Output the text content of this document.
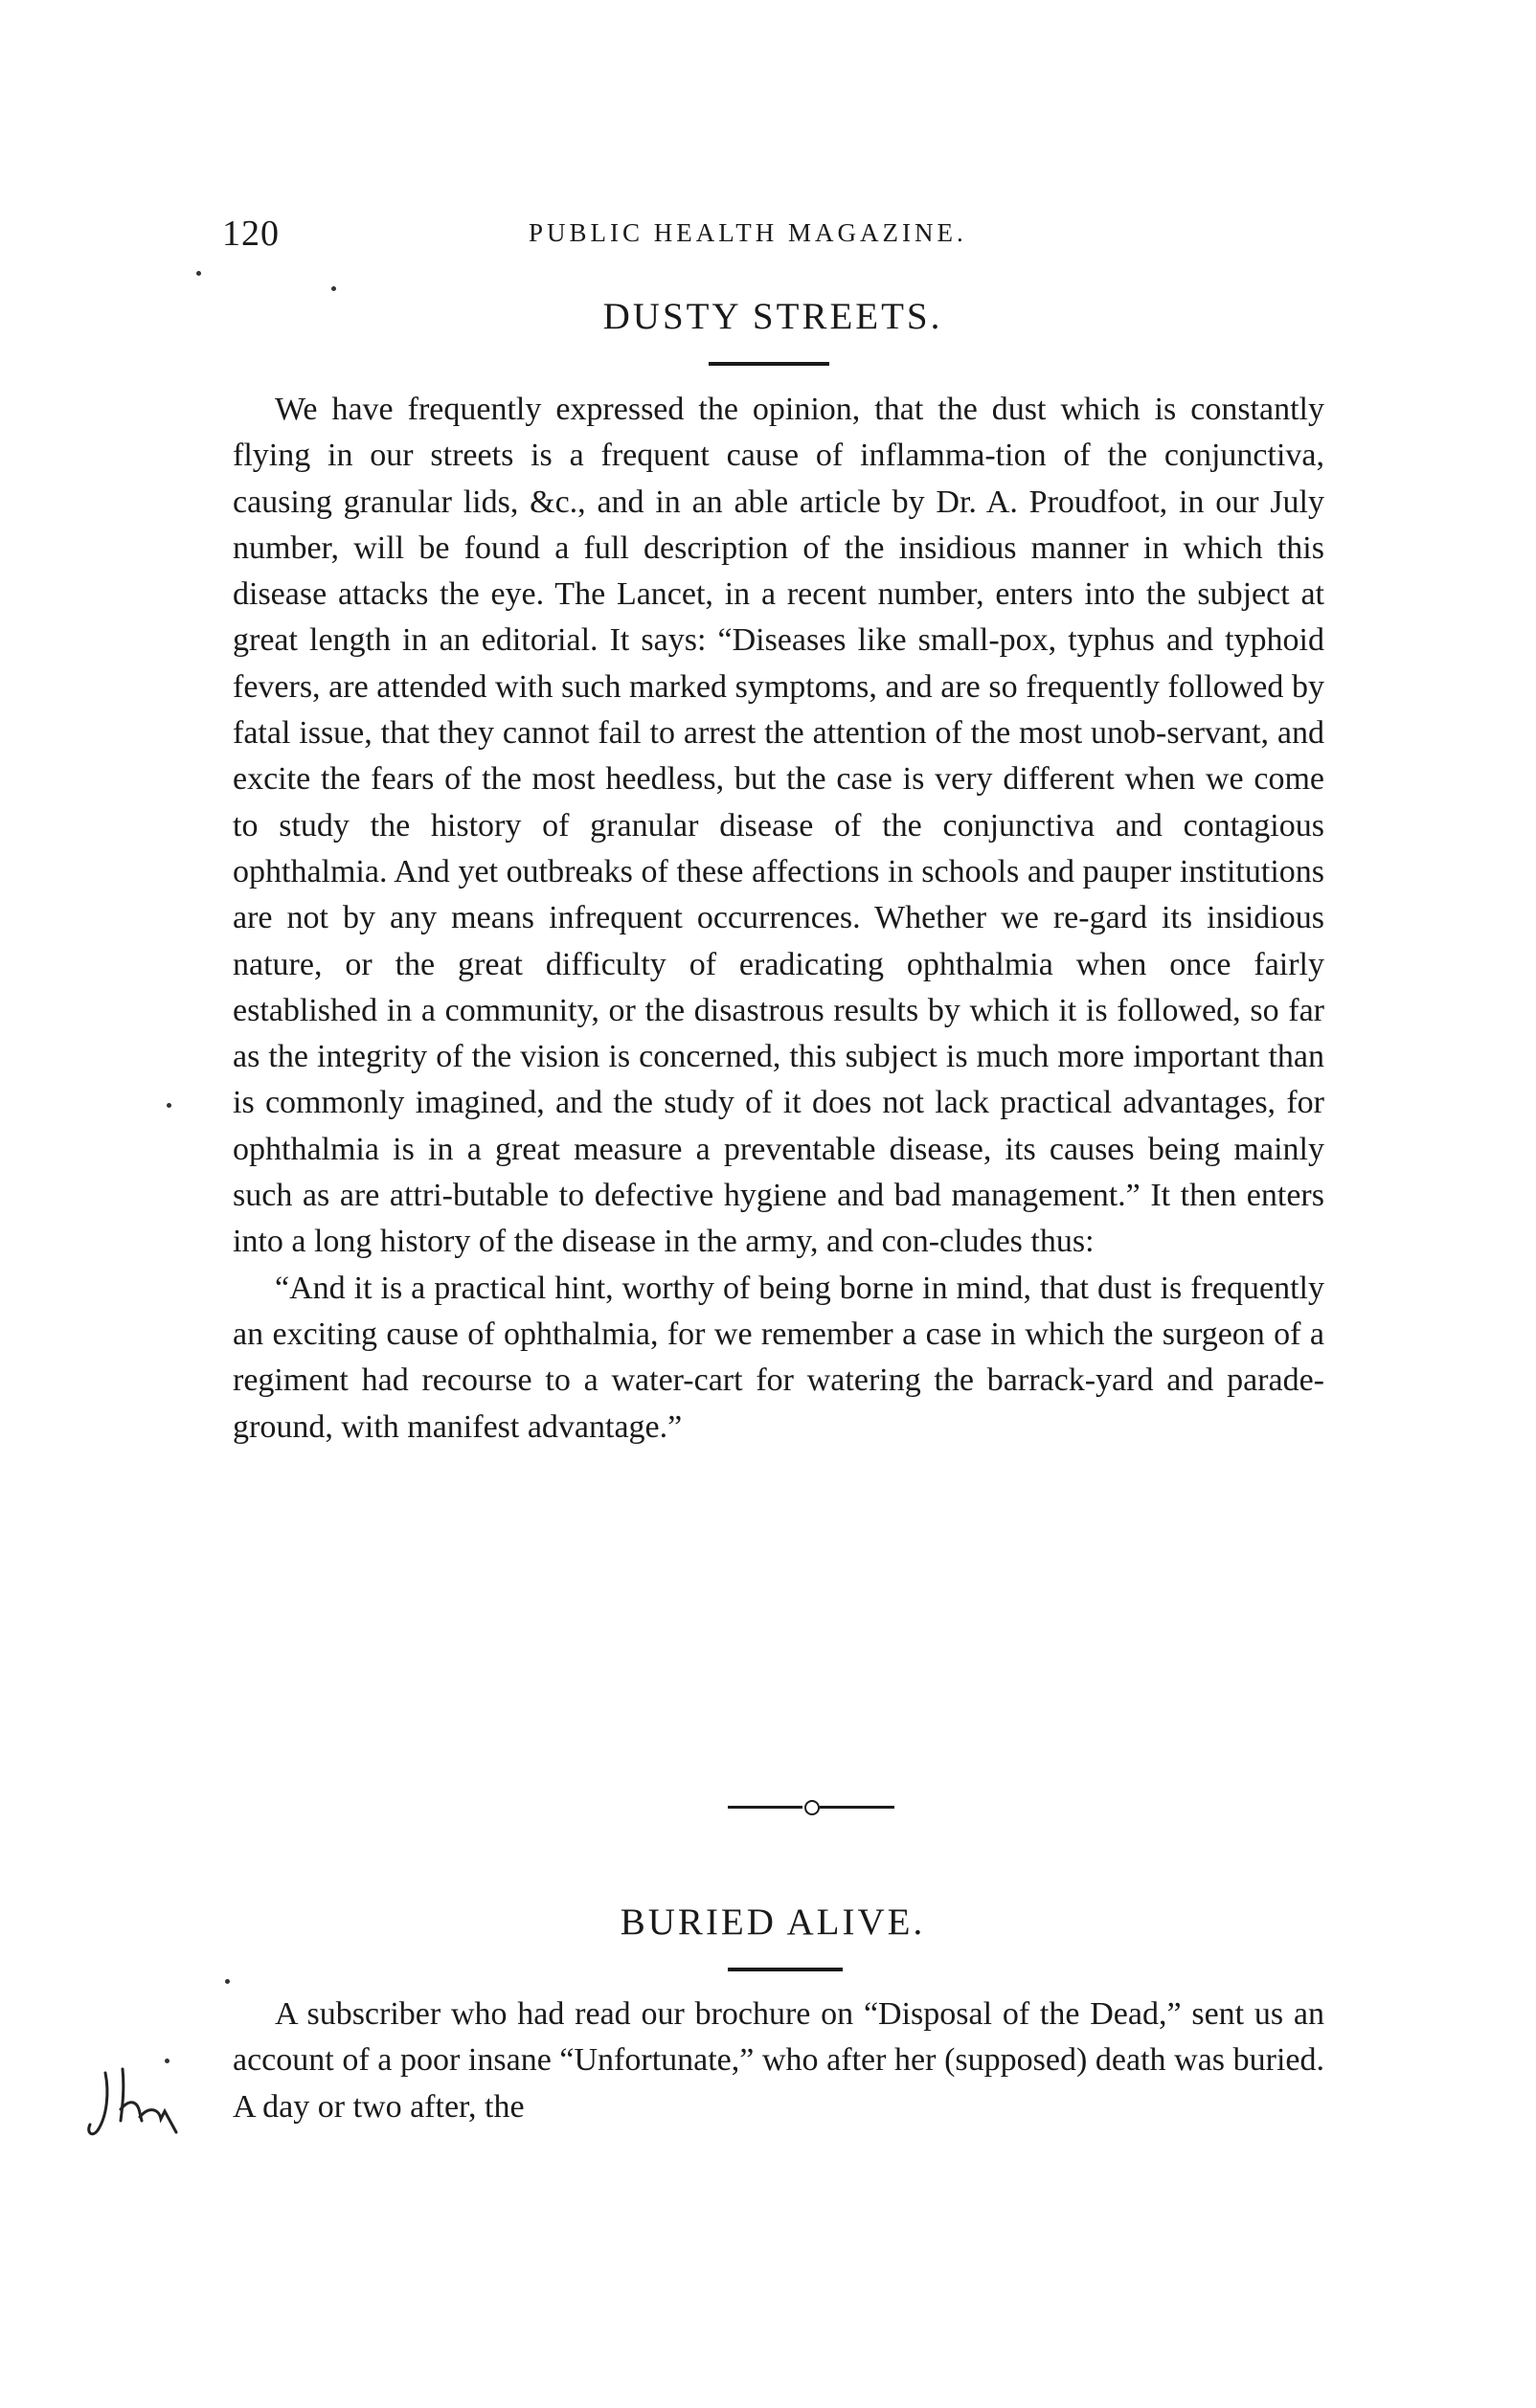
120	PUBLIC HEALTH MAGAZINE.
DUSTY STREETS.

We have frequently expressed the opinion, that the dust which is constantly flying in our streets is a frequent cause of inflamma-tion of the conjunctiva, causing granular lids, &c., and in an able article by Dr. A. Proudfoot, in our July number, will be found a full description of the insidious manner in which this disease attacks the eye. The Lancet, in a recent number, enters into the subject at great length in an editorial. It says: “Diseases like small-pox, typhus and typhoid fevers, are attended with such marked symptoms, and are so frequently followed by fatal issue, that they cannot fail to arrest the attention of the most unob-servant, and excite the fears of the most heedless, but the case is very different when we come to study the history of granular disease of the conjunctiva and contagious ophthalmia. And yet outbreaks of these affections in schools and pauper institutions are not by any means infrequent occurrences. Whether we re-gard its insidious nature, or the great difficulty of eradicating ophthalmia when once fairly established in a community, or the disastrous results by which it is followed, so far as the integrity of the vision is concerned, this subject is much more important than is commonly imagined, and the study of it does not lack practical advantages, for ophthalmia is in a great measure a preventable disease, its causes being mainly such as are attri-butable to defective hygiene and bad management.” It then enters into a long history of the disease in the army, and con-cludes thus:

“And it is a practical hint, worthy of being borne in mind, that dust is frequently an exciting cause of ophthalmia, for we remember a case in which the surgeon of a regiment had recourse to a water-cart for watering the barrack-yard and parade-ground, with manifest advantage.”

BURIED ALIVE.

A subscriber who had read our brochure on “Disposal of the Dead,” sent us an account of a poor insane “Unfortunate,” who after her (supposed) death was buried. A day or two after, the
